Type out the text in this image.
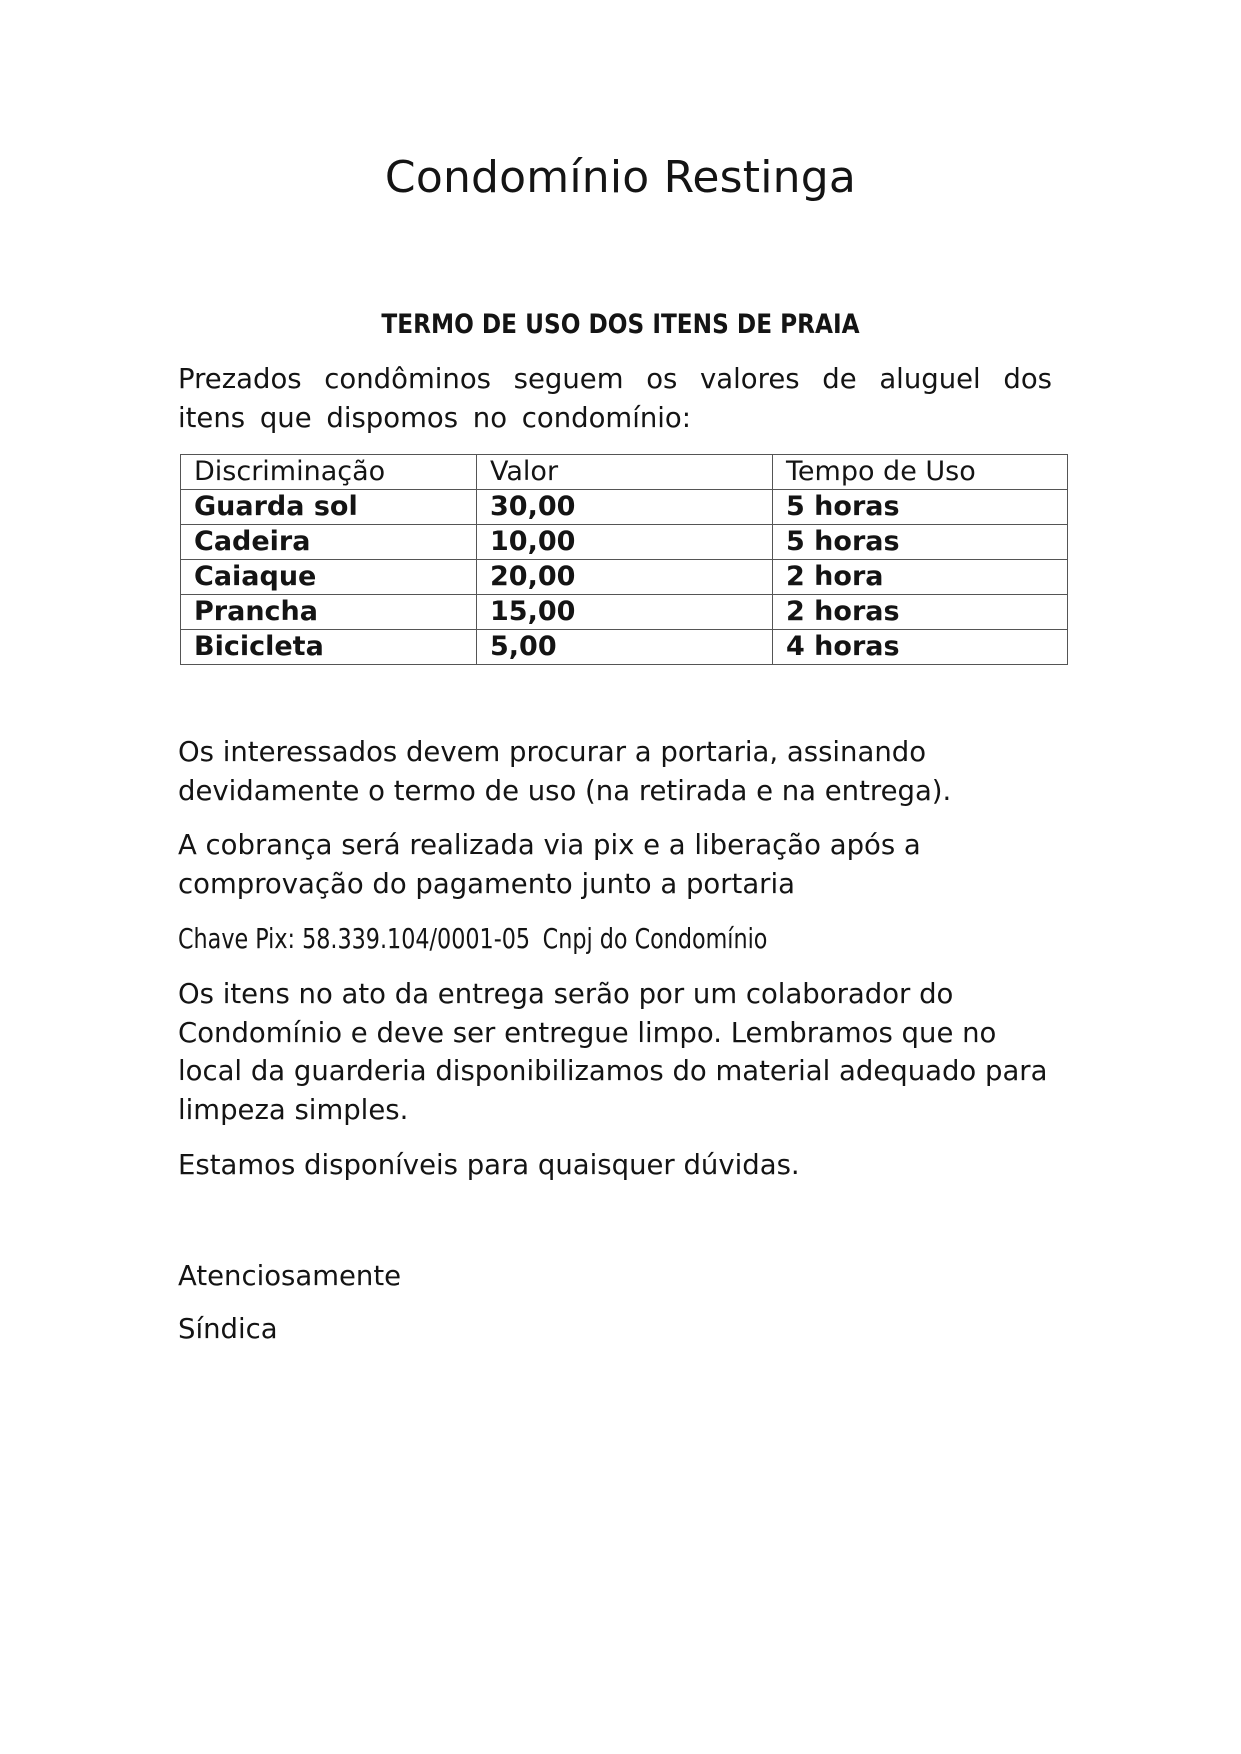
Condomínio Restinga
TERMO DE USO DOS ITENS DE PRAIA

Prezados condôminos seguem os valores de aluguel dos itens que dispomos no condomínio:

Discriminação	Valor	Tempo de Uso
Guarda sol	30,00	5 horas
Cadeira	10,00	5 horas
Caiaque	20,00	2 hora
Prancha	15,00	2 horas
Bicicleta	5,00	4 horas

Os interessados devem procurar a portaria, assinando devidamente o termo de uso (na retirada e na entrega).

A cobrança será realizada via pix e a liberação após a comprovação do pagamento junto a portaria

Chave Pix: 58.339.104/0001-05 Cnpj do Condomínio

Os itens no ato da entrega serão por um colaborador do Condomínio e deve ser entregue limpo. Lembramos que no local da guarderia disponibilizamos do material adequado para limpeza simples.

Estamos disponíveis para quaisquer dúvidas.

Atenciosamente

Síndica
